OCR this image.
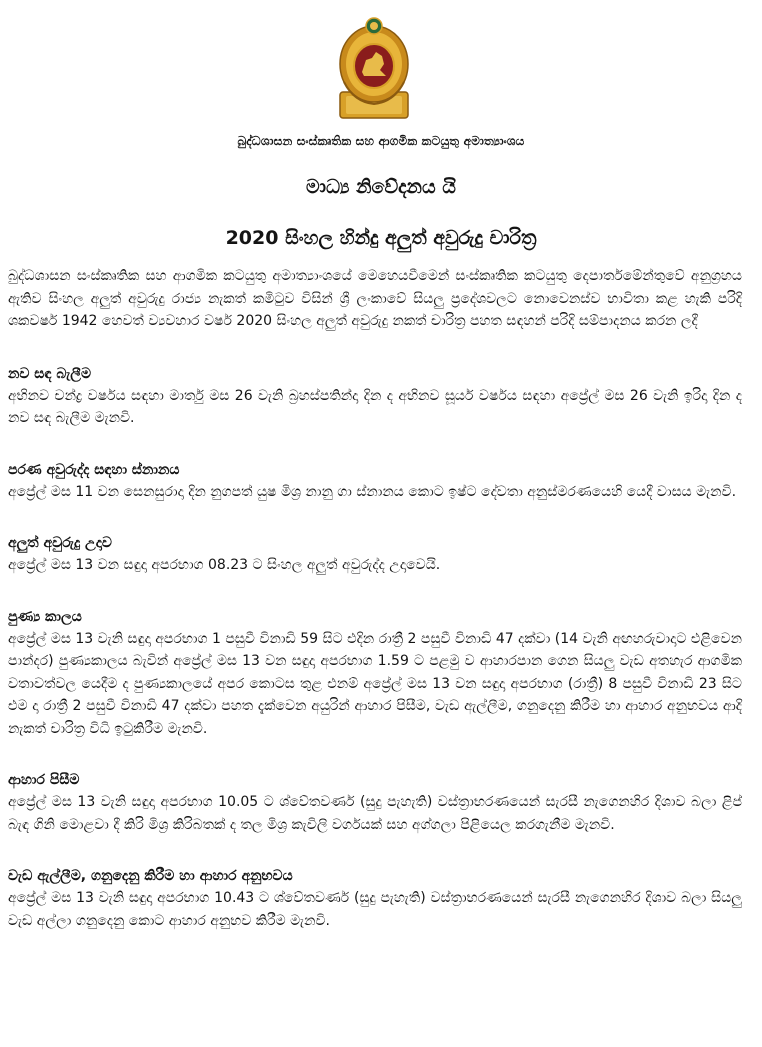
බුද්ධශාසන සංස්කෘතික සහ ආගමික කටයුතු අමාත්‍යාංශය
මාධ්‍ය නිවේදනය යි
2020 සිංහල හින්දු අලුත් අවුරුදු චාරිත්‍ර

බුද්ධශාසන සංස්කෘතික සහ ආගමික කටයුතු අමාත්‍යාංශයේ මෙහෙයවීමෙන් සංස්කෘතික කටයුතු දෙපාර්තමේන්තුවේ අනුග්‍රහය ඇතිව සිංහල අලුත් අවුරුදු රාජ්‍ය නැකත් කමිටුව විසින් ශ්‍රී ලංකාවේ සියලු ප්‍රදේශවලට නොවෙනස්ව භාවිතා කළ හැකි පරිදි ශකවර්ෂ 1942 හෙවත් ව්‍යවහාර වර්ෂ 2020 සිංහල අලුත් අවුරුදු නකත් චාරිත්‍ර පහත සඳහන් පරිදි සම්පාදනය කරන ලදී

නව සඳ බැලීම

අභිනව චන්ද්‍ර වර්ෂය සඳහා මාර්තු මස 26 වැනි බ්‍රහස්පතින්දා දින ද අභිනව සූර්ය වර්ෂය සඳහා අප්‍රේල් මස 26 වැනි ඉරිදා දින ද නව සඳ බැලීම මැනවි.

පරණ අවුරුද්ද සඳහා ස්නානය

අප්‍රේල් මස 11 වන සෙනසුරාදා දින නුගපත් යුෂ මිශ්‍ර නානු ගා ස්නානය කොට ඉෂ්ට දේවතා අනුස්මරණයෙහි යෙදී වාසය මැනවි.

අලුත් අවුරුදු උදාව

අප්‍රේල් මස 13 වන සඳුදා අපරභාග 08.23 ට සිංහල අලුත් අවුරුද්ද උදාවෙයි.

පුණ්‍ය කාලය

අප්‍රේල් මස 13 වැනි සඳුදා අපරභාග 1 පසුවී විනාඩි 59 සිට එදින රාත්‍රී 2 පසුවී විනාඩි 47 දක්වා (14 වැනි අඟහරුවාදාට එළිවෙන පාන්දර) පුණ්‍යකාලය බැවින් අප්‍රේල් මස 13 වන සඳුදා අපරභාග 1.59 ට පළමු ව ආහාරපාන ගෙන සියලු වැඩ අතහැර ආගමික වතාවත්වල යෙදීම ද පුණ්‍යකාලයේ අපර කොටස තුළ එනම් අප්‍රේල් මස 13 වන සඳුදා අපරභාග (රාත්‍රී) 8 පසුවී විනාඩි 23 සිට එම දා රාත්‍රී 2 පසුවී විනාඩි 47 දක්වා පහත දැක්වෙන අයුරින් ආහාර පිසීම, වැඩ ඇල්ලීම, ගනුදෙනු කිරීම හා ආහාර අනුභවය ආදි නැකත් චාරිත්‍ර විධි ඉටුකිරීම මැනවි.

ආහාර පිසීම

අප්‍රේල් මස 13 වැනි සඳුදා අපරභාග 10.05 ට ශ්වේතවර්ණ (සුදු පැහැති) වස්ත්‍රාභරණයෙන් සැරසී නැගෙනහිර දිශාව බලා ළිප් බැඳ ගිනි මොළවා දී කිරි මිශ්‍ර කිරිබතක් ද තල මිශ්‍ර කැවිලි වර්ගයක් සහ අග්ගලා පිළියෙල කරගැනීම මැනවි.

වැඩ ඇල්ලීම, ගනුදෙනු කිරීම හා ආහාර අනුභවය

අප්‍රේල් මස 13 වැනි සඳුදා අපරභාග 10.43 ට ශ්වේතවර්ණ (සුදු පැහැති) වස්ත්‍රාභරණයෙන් සැරසී නැගෙනහිර දිශාව බලා සියලු වැඩ අල්ලා ගනුදෙනු කොට ආහාර අනුභව කිරීම මැනවි.
